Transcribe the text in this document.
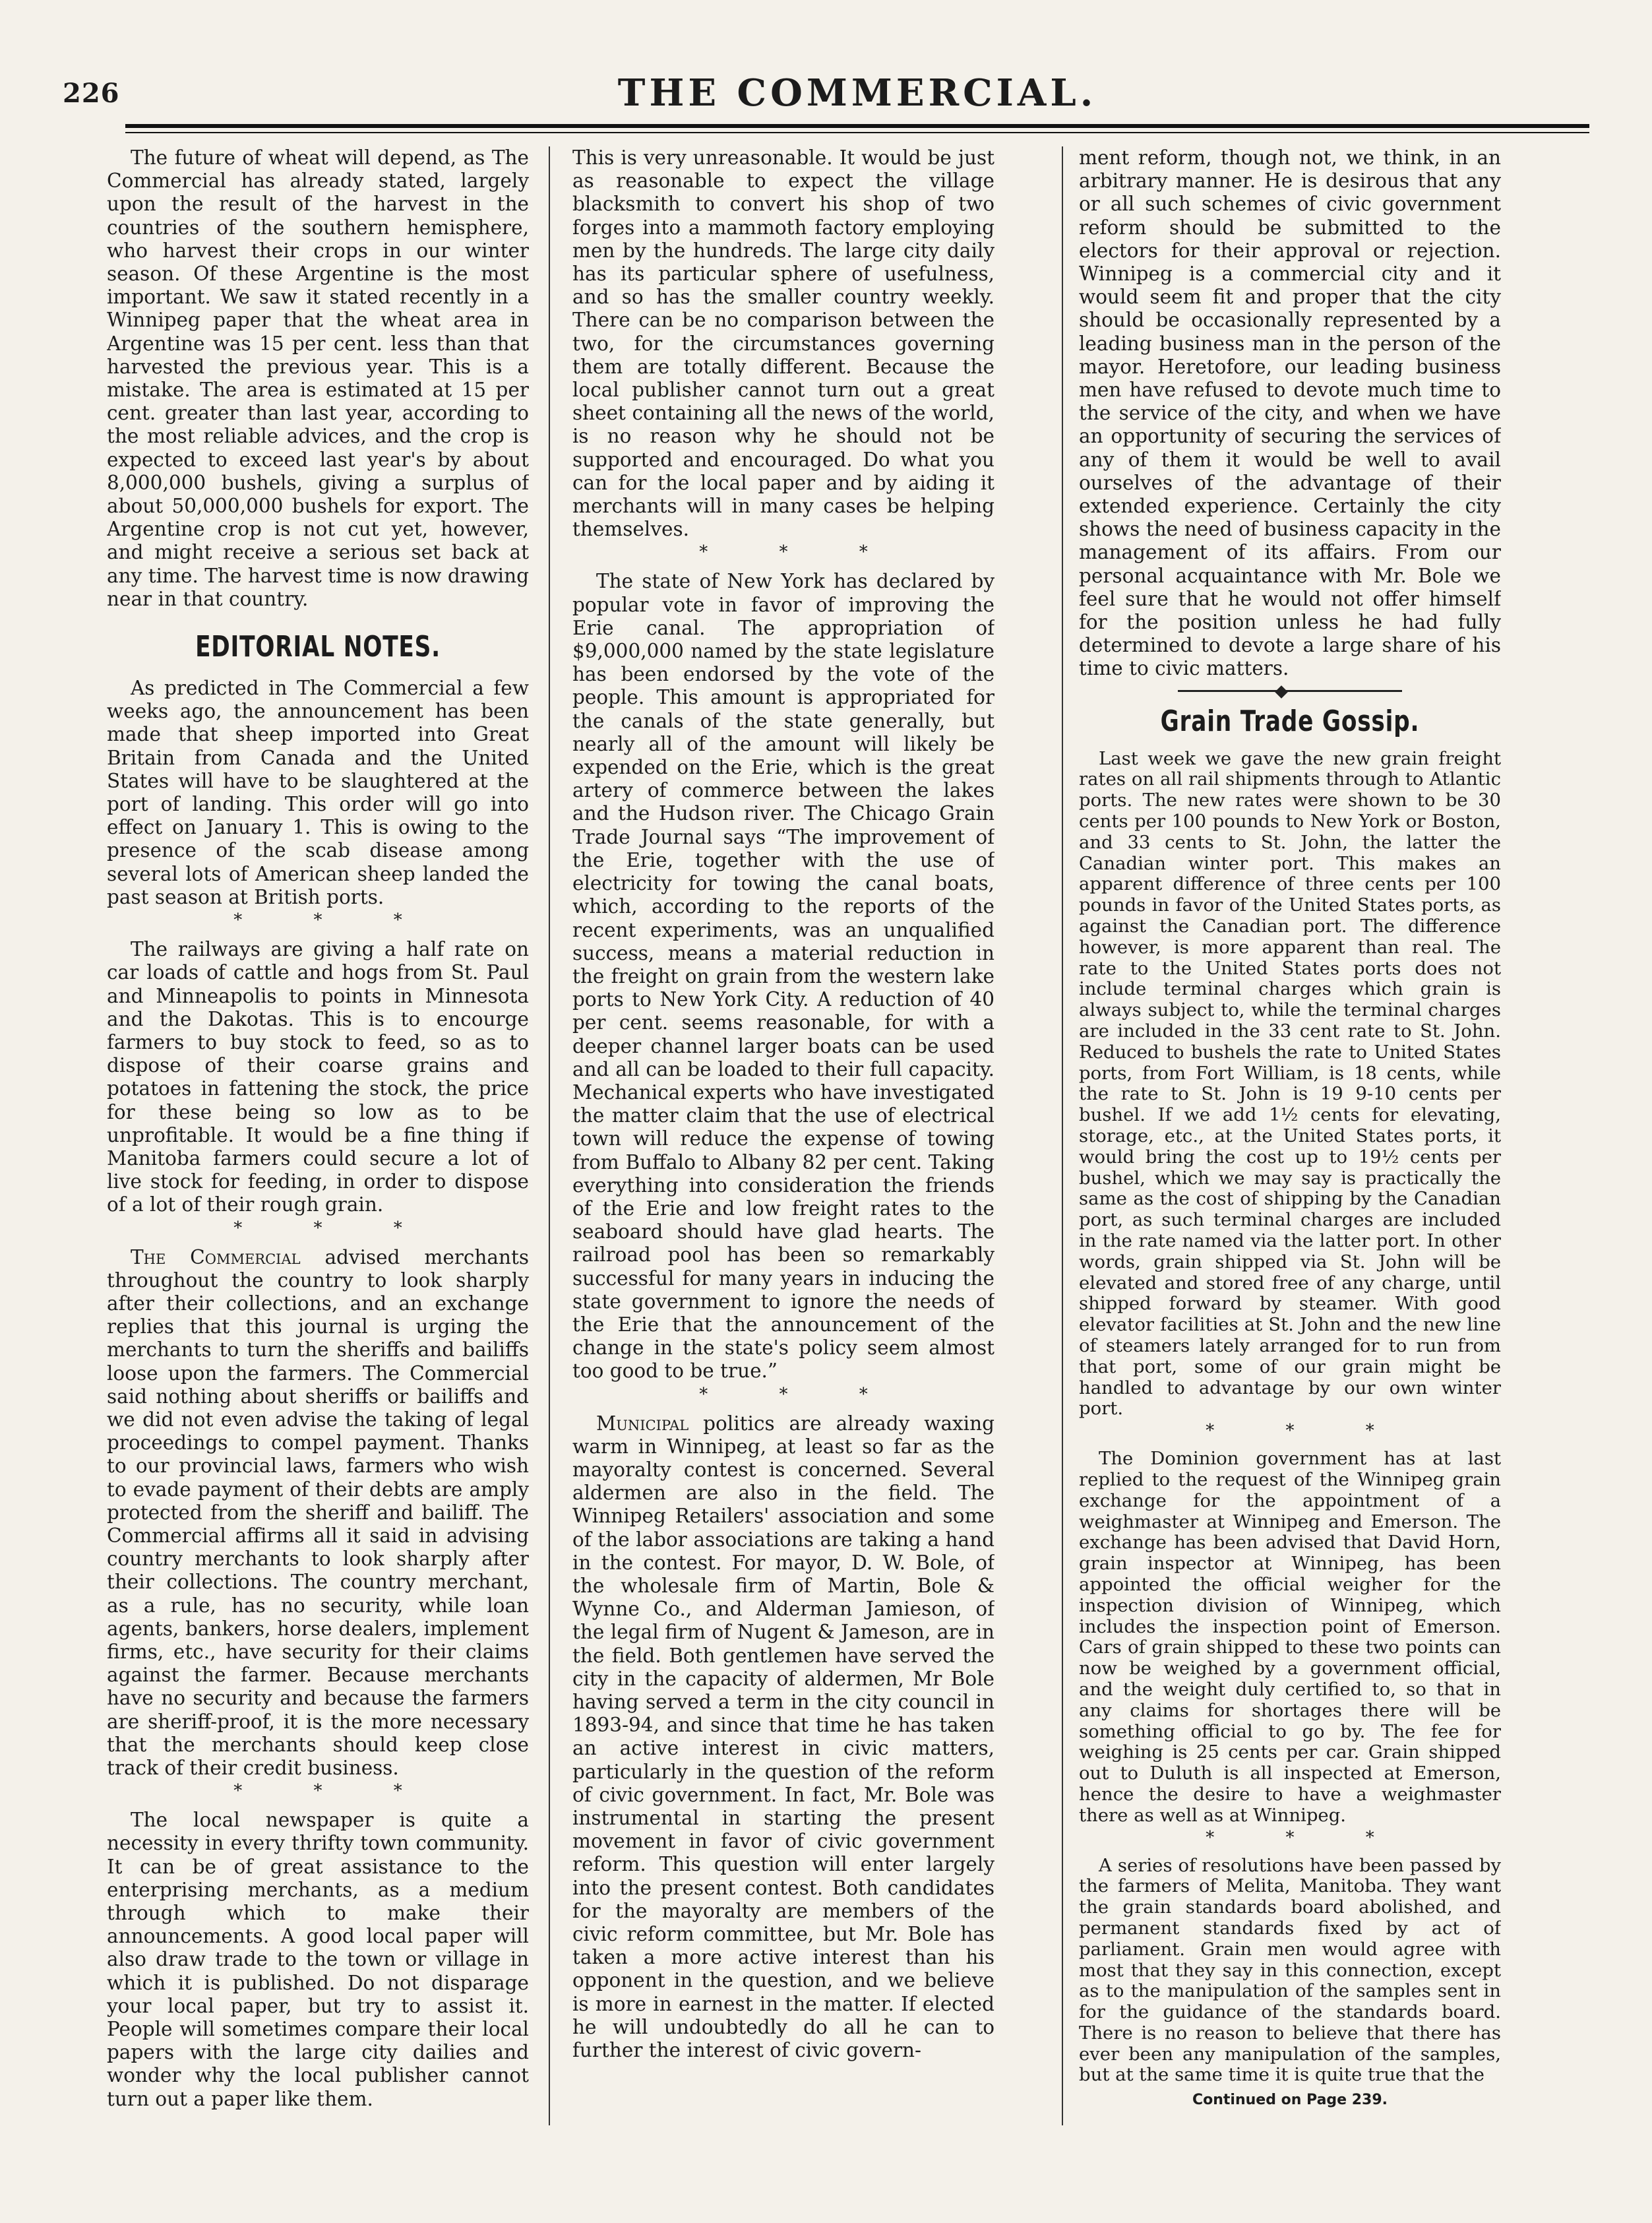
226	THE COMMERCIAL.

The future of wheat will depend, as The Commercial has already stated, largely upon the result of the harvest in the countries of the southern hemisphere, who harvest their crops in our winter season. Of these Argentine is the most important. We saw it stated recently in a Winnipeg paper that the wheat area in Argentine was 15 per cent. less than that harvested the previous year. This is a mistake. The area is estimated at 15 per cent. greater than last year, according to the most reliable advices, and the crop is expected to exceed last year's by about 8,000,000 bushels, giving a surplus of about 50,000,000 bushels for export. The Argentine crop is not cut yet, however, and might receive a serious set back at any time. The harvest time is now drawing near in that country.

EDITORIAL NOTES.

As predicted in The Commercial a few weeks ago, the announcement has been made that sheep imported into Great Britain from Canada and the United States will have to be slaughtered at the port of landing. This order will go into effect on January 1. This is owing to the presence of the scab disease among several lots of American sheep landed the past season at British ports.

* * *

The railways are giving a half rate on car loads of cattle and hogs from St. Paul and Minneapolis to points in Minnesota and the Dakotas. This is to encourge farmers to buy stock to feed, so as to dispose of their coarse grains and potatoes in fattening the stock, the price for these being so low as to be unprofitable. It would be a fine thing if Manitoba farmers could secure a lot of live stock for feeding, in order to dispose of a lot of their rough grain.

* * *

The Commercial advised merchants throughout the country to look sharply after their collections, and an exchange replies that this journal is urging the merchants to turn the sheriffs and bailiffs loose upon the farmers. The Commercial said nothing about sheriffs or bailiffs and we did not even advise the taking of legal proceedings to compel payment. Thanks to our provincial laws, farmers who wish to evade payment of their debts are amply protected from the sheriff and bailiff. The Commercial affirms all it said in advising country merchants to look sharply after their collections. The country merchant, as a rule, has no security, while loan agents, bankers, horse dealers, implement firms, etc., have security for their claims against the farmer. Because merchants have no security and because the farmers are sheriff-proof, it is the more necessary that the merchants should keep close track of their credit business.

* * *

The local newspaper is quite a necessity in every thrifty town community. It can be of great assistance to the enterprising merchants, as a medium through which to make their announcements. A good local paper will also draw trade to the town or village in which it is published. Do not disparage your local paper, but try to assist it. People will sometimes compare their local papers with the large city dailies and wonder why the local publisher cannot turn out a paper like them.

This is very unreasonable. It would be just as reasonable to expect the village blacksmith to convert his shop of two forges into a mammoth factory employing men by the hundreds. The large city daily has its particular sphere of usefulness, and so has the smaller country weekly. There can be no comparison between the two, for the circumstances governing them are totally different. Because the local publisher cannot turn out a great sheet containing all the news of the world, is no reason why he should not be supported and encouraged. Do what you can for the local paper and by aiding it merchants will in many cases be helping themselves.

* * *

The state of New York has declared by popular vote in favor of improving the Erie canal. The appropriation of $9,000,000 named by the state legislature has been endorsed by the vote of the people. This amount is appropriated for the canals of the state generally, but nearly all of the amount will likely be expended on the Erie, which is the great artery of commerce between the lakes and the Hudson river. The Chicago Grain Trade Journal says “The improvement of the Erie, together with the use of electricity for towing the canal boats, which, according to the reports of the recent experiments, was an unqualified success, means a material reduction in the freight on grain from the western lake ports to New York City. A reduction of 40 per cent. seems reasonable, for with a deeper channel larger boats can be used and all can be loaded to their full capacity. Mechanical experts who have investigated the matter claim that the use of electrical town will reduce the expense of towing from Buffalo to Albany 82 per cent. Taking everything into consideration the friends of the Erie and low freight rates to the seaboard should have glad hearts. The railroad pool has been so remarkably successful for many years in inducing the state government to ignore the needs of the Erie that the announcement of the change in the state's policy seem almost too good to be true.”

* * *

Municipal politics are already waxing warm in Winnipeg, at least so far as the mayoralty contest is concerned. Several aldermen are also in the field. The Winnipeg Retailers' association and some of the labor associations are taking a hand in the contest. For mayor, D. W. Bole, of the wholesale firm of Martin, Bole & Wynne Co., and Alderman Jamieson, of the legal firm of Nugent & Jameson, are in the field. Both gentlemen have served the city in the capacity of aldermen, Mr Bole having served a term in the city council in 1893-94, and since that time he has taken an active interest in civic matters, particularly in the question of the reform of civic government. In fact, Mr. Bole was instrumental in starting the present movement in favor of civic government reform. This question will enter largely into the present contest. Both candidates for the mayoralty are members of the civic reform committee, but Mr. Bole has taken a more active interest than his opponent in the question, and we believe is more in earnest in the matter. If elected he will undoubtedly do all he can to further the interest of civic govern-

ment reform, though not, we think, in an arbitrary manner. He is desirous that any or all such schemes of civic government reform should be submitted to the electors for their approval or rejection. Winnipeg is a commercial city and it would seem fit and proper that the city should be occasionally represented by a leading business man in the person of the mayor. Heretofore, our leading business men have refused to devote much time to the service of the city, and when we have an opportunity of securing the services of any of them it would be well to avail ourselves of the advantage of their extended experience. Certainly the city shows the need of business capacity in the management of its affairs. From our personal acquaintance with Mr. Bole we feel sure that he would not offer himself for the position unless he had fully determined to devote a large share of his time to civic matters.

Grain Trade Gossip.

Last week we gave the new grain freight rates on all rail shipments through to Atlantic ports. The new rates were shown to be 30 cents per 100 pounds to New York or Boston, and 33 cents to St. John, the latter the Canadian winter port. This makes an apparent difference of three cents per 100 pounds in favor of the United States ports, as against the Canadian port. The difference however, is more apparent than real. The rate to the United States ports does not include terminal charges which grain is always subject to, while the terminal charges are included in the 33 cent rate to St. John. Reduced to bushels the rate to United States ports, from Fort William, is 18 cents, while the rate to St. John is 19 9-10 cents per bushel. If we add 1½ cents for elevating, storage, etc., at the United States ports, it would bring the cost up to 19½ cents per bushel, which we may say is practically the same as the cost of shipping by the Canadian port, as such terminal charges are included in the rate named via the latter port. In other words, grain shipped via St. John will be elevated and stored free of any charge, until shipped forward by steamer. With good elevator facilities at St. John and the new line of steamers lately arranged for to run from that port, some of our grain might be handled to advantage by our own winter port.

* * *

The Dominion government has at last replied to the request of the Winnipeg grain exchange for the appointment of a weighmaster at Winnipeg and Emerson. The exchange has been advised that David Horn, grain inspector at Winnipeg, has been appointed the official weigher for the inspection division of Winnipeg, which includes the inspection point of Emerson. Cars of grain shipped to these two points can now be weighed by a government official, and the weight duly certified to, so that in any claims for shortages there will be something official to go by. The fee for weighing is 25 cents per car. Grain shipped out to Duluth is all inspected at Emerson, hence the desire to have a weighmaster there as well as at Winnipeg.

* * *

A series of resolutions have been passed by the farmers of Melita, Manitoba. They want the grain standards board abolished, and permanent standards fixed by act of parliament. Grain men would agree with most that they say in this connection, except as to the manipulation of the samples sent in for the guidance of the standards board. There is no reason to believe that there has ever been any manipulation of the samples, but at the same time it is quite true that the

Continued on Page 239.
